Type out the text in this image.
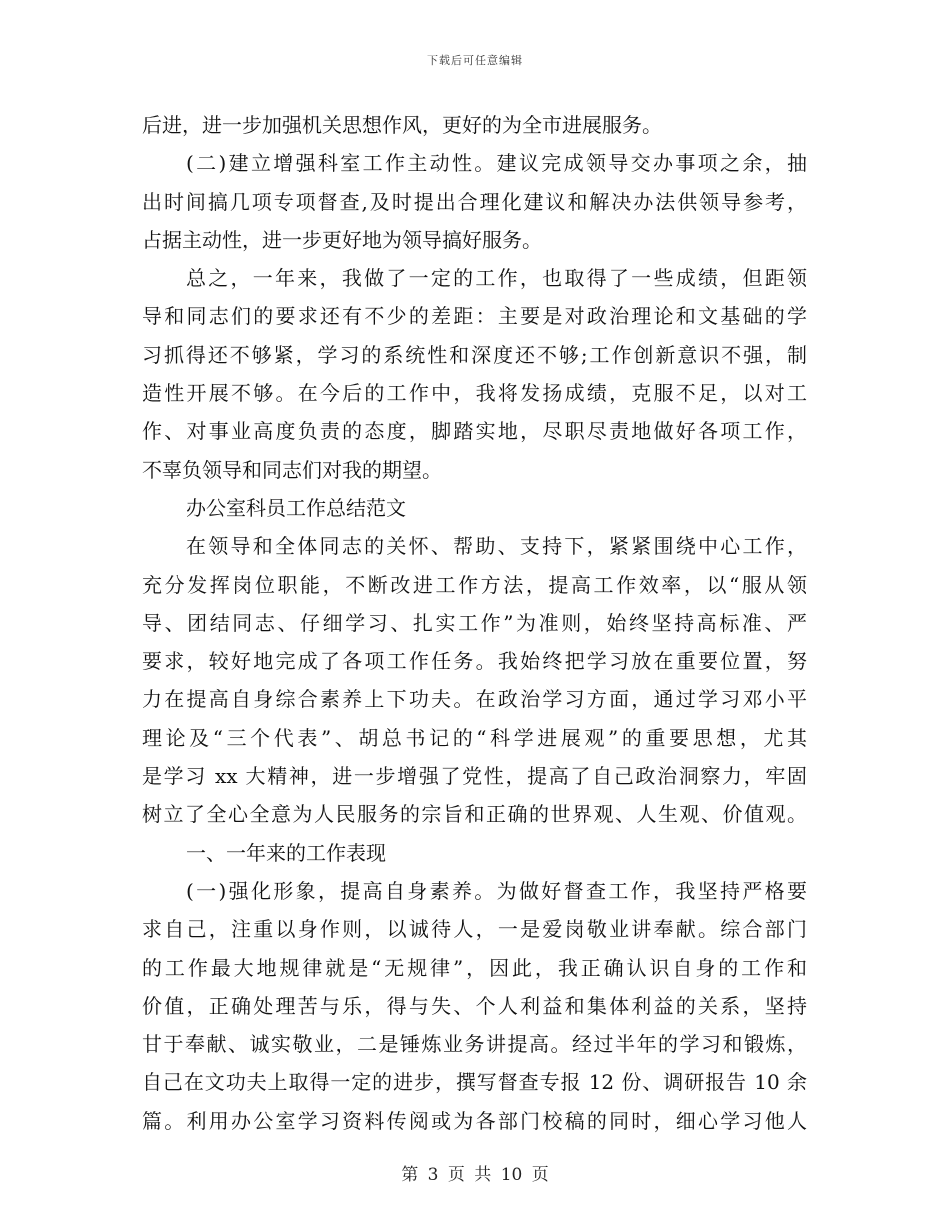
下载后可任意编辑
后进，进一步加强机关思想作风，更好的为全市进展服务。
(二)建立增强科室工作主动性。建议完成领导交办事项之余，抽
出时间搞几项专项督查,及时提出合理化建议和解决办法供领导参考，
占据主动性，进一步更好地为领导搞好服务。
总之，一年来，我做了一定的工作，也取得了一些成绩，但距领
导和同志们的要求还有不少的差距：主要是对政治理论和文基础的学
习抓得还不够紧，学习的系统性和深度还不够;工作创新意识不强，制
造性开展不够。在今后的工作中，我将发扬成绩，克服不足，以对工
作、对事业高度负责的态度，脚踏实地，尽职尽责地做好各项工作，
不辜负领导和同志们对我的期望。
办公室科员工作总结范文
在领导和全体同志的关怀、帮助、支持下，紧紧围绕中心工作，
充分发挥岗位职能，不断改进工作方法，提高工作效率，以“服从领
导、团结同志、仔细学习、扎实工作”为准则，始终坚持高标准、严
要求，较好地完成了各项工作任务。我始终把学习放在重要位置，努
力在提高自身综合素养上下功夫。在政治学习方面，通过学习邓小平
理论及“三个代表”、胡总书记的“科学进展观”的重要思想，尤其
是学习 xx 大精神，进一步增强了党性，提高了自己政治洞察力，牢固
树立了全心全意为人民服务的宗旨和正确的世界观、人生观、价值观。
一、一年来的工作表现
(一)强化形象，提高自身素养。为做好督查工作，我坚持严格要
求自己，注重以身作则，以诚待人，一是爱岗敬业讲奉献。综合部门
的工作最大地规律就是“无规律”，因此，我正确认识自身的工作和
价值，正确处理苦与乐，得与失、个人利益和集体利益的关系，坚持
甘于奉献、诚实敬业，二是锤炼业务讲提高。经过半年的学习和锻炼，
自己在文功夫上取得一定的进步，撰写督查专报 12 份、调研报告 10 余
篇。利用办公室学习资料传阅或为各部门校稿的同时，细心学习他人
第 3 页 共 10 页
